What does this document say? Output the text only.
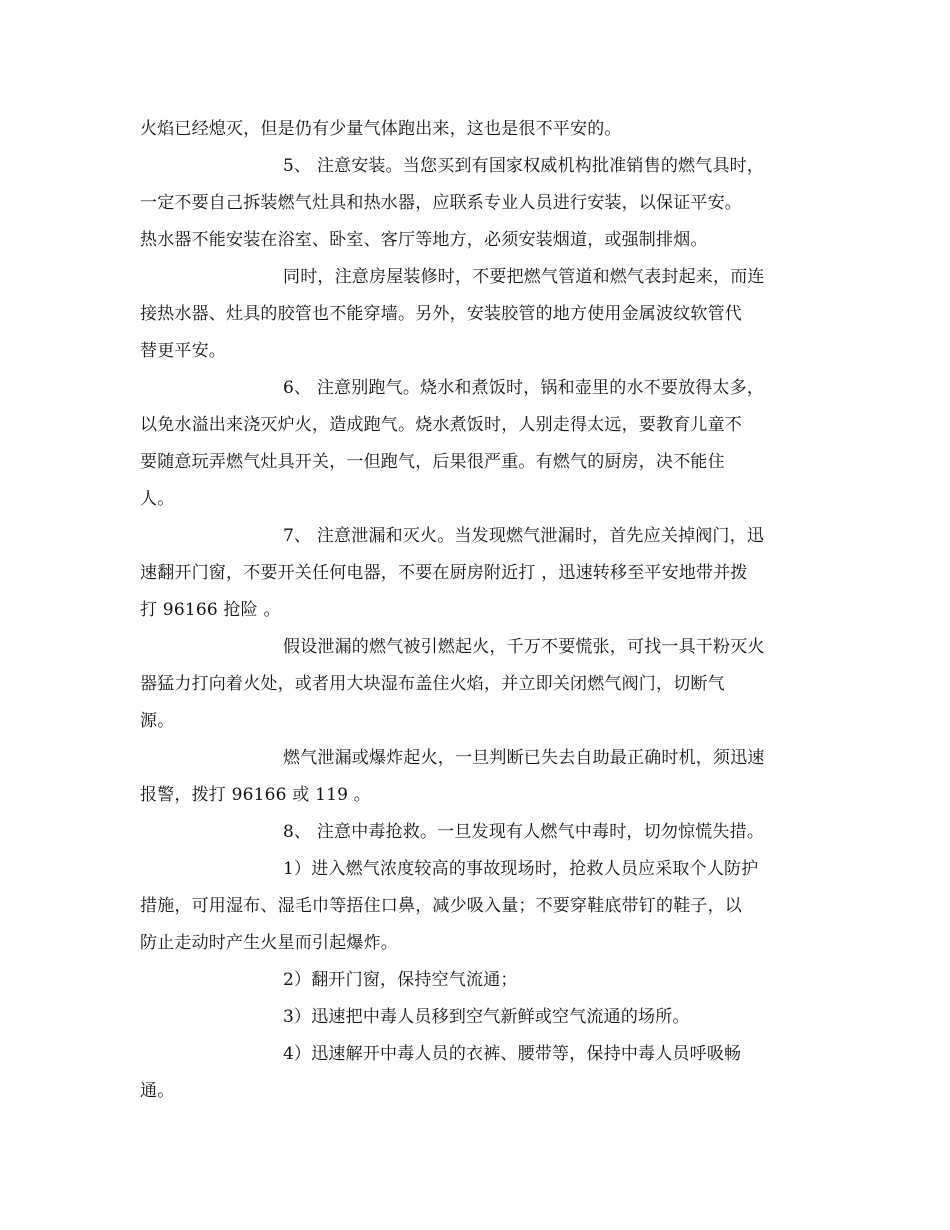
火焰已经熄灭，但是仍有少量气体跑出来，这也是很不平安的。
5、 注意安装。当您买到有国家权威机构批准销售的燃气具时，
一定不要自己拆装燃气灶具和热水器，应联系专业人员进行安装，以保证平安。
热水器不能安装在浴室、卧室、客厅等地方，必须安装烟道，或强制排烟。
同时，注意房屋装修时，不要把燃气管道和燃气表封起来，而连
接热水器、灶具的胶管也不能穿墙。另外，安装胶管的地方使用金属波纹软管代
替更平安。
6、 注意别跑气。烧水和煮饭时，锅和壶里的水不要放得太多，
以免水溢出来浇灭炉火，造成跑气。烧水煮饭时，人别走得太远，要教育儿童不
要随意玩弄燃气灶具开关，一但跑气，后果很严重。有燃气的厨房，决不能住
人。
7、 注意泄漏和灭火。当发现燃气泄漏时，首先应关掉阀门，迅
速翻开门窗，不要开关任何电器，不要在厨房附近打 ，迅速转移至平安地带并拨
打 96166 抢险 。
假设泄漏的燃气被引燃起火，千万不要慌张，可找一具干粉灭火
器猛力打向着火处，或者用大块湿布盖住火焰，并立即关闭燃气阀门，切断气
源。
燃气泄漏或爆炸起火，一旦判断已失去自助最正确时机，须迅速
报警，拨打 96166 或 119 。
8、 注意中毒抢救。一旦发现有人燃气中毒时，切勿惊慌失措。
1）进入燃气浓度较高的事故现场时，抢救人员应采取个人防护
措施，可用湿布、湿毛巾等捂住口鼻，减少吸入量；不要穿鞋底带钉的鞋子，以
防止走动时产生火星而引起爆炸。
2）翻开门窗，保持空气流通；
3）迅速把中毒人员移到空气新鲜或空气流通的场所。
4）迅速解开中毒人员的衣裤、腰带等，保持中毒人员呼吸畅
通。
